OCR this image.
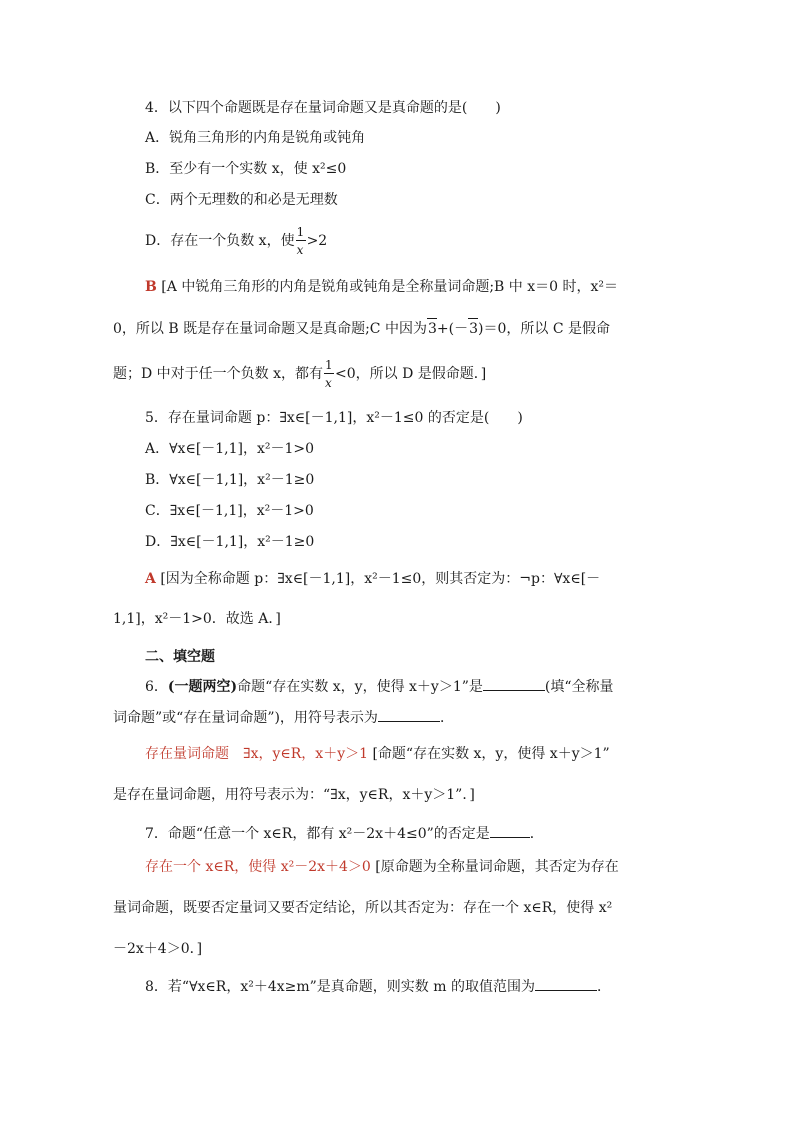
4．以下四个命题既是存在量词命题又是真命题的是(　　)
A．锐角三角形的内角是锐角或钝角
B．至少有一个实数 x，使 x²≤0
C．两个无理数的和必是无理数
D．存在一个负数 x，使 $\frac{1}{x} >2$
B [A 中锐角三角形的内角是锐角或钝角是全称量词命题;B 中 x＝0 时，x²＝
0，所以 B 既是存在量词命题又是真命题;C 中因为3+(－3)＝0，所以 C 是假命
题；D 中对于任一个负数 x，都有 $\frac{1}{x} <0$，所以 D 是假命题．]
5．存在量词命题 p：∃x∈[－1,1]，x²－1≤0 的否定是(　　)
A．∀x∈[－1,1]，x²－1>0
B．∀x∈[－1,1]，x²－1≥0
C．∃x∈[－1,1]，x²－1>0
D．∃x∈[－1,1]，x²－1≥0
A [因为全称命题 p：∃x∈[－1,1]，x²－1≤0，则其否定为：¬p：∀x∈[－
1,1]，x²－1>0．故选 A．]
二、填空题
6．(一题两空)命题“存在实数 x，y，使得 x＋y＞1”是	(填“全称量
词命题”或“存在量词命题”)，用符号表示为	．
存在量词命题　∃x，y∈R，x＋y＞1 [命题“存在实数 x，y，使得 x＋y＞1”
是存在量词命题，用符号表示为：“∃x，y∈R，x＋y＞1”．]
7．命题“任意一个 x∈R，都有 x²－2x＋4≤0”的否定是	．
存在一个 x∈R，使得 x²－2x＋4＞0 [原命题为全称量词命题，其否定为存在
量词命题，既要否定量词又要否定结论，所以其否定为：存在一个 x∈R，使得 x²
－2x＋4＞0．]
8．若“∀x∈R，x²＋4x≥m”是真命题，则实数 m 的取值范围为	．
